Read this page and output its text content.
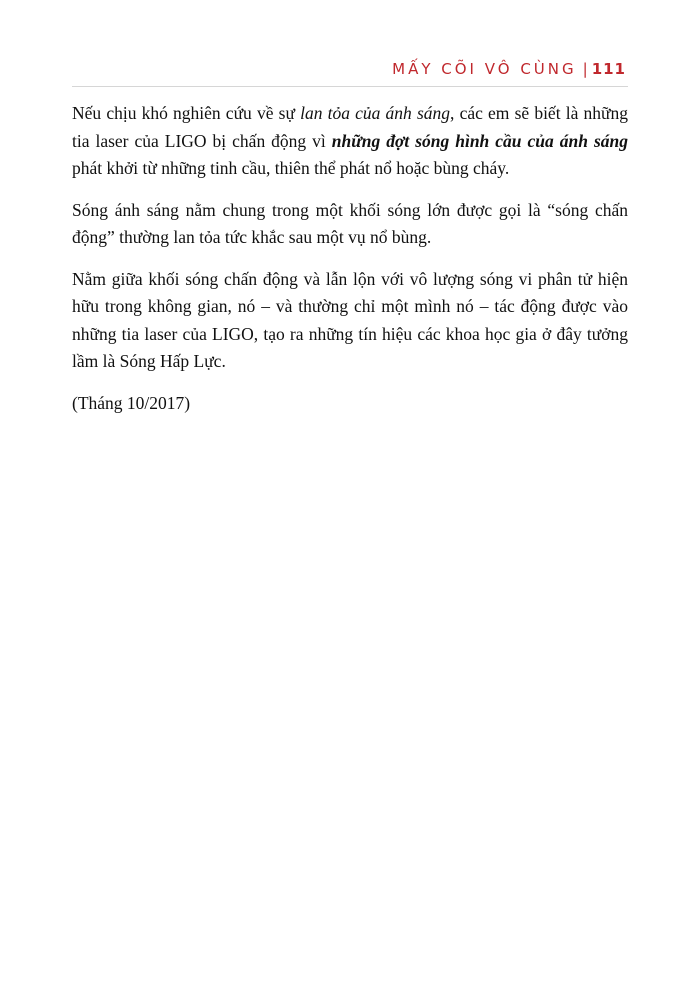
MẤY CÕI VÔ CÙNG | 111

Nếu chịu khó nghiên cứu về sự lan tỏa của ánh sáng, các em sẽ biết là những tia laser của LIGO bị chấn động vì những đợt sóng hình cầu của ánh sáng phát khởi từ những tinh cầu, thiên thể phát nổ hoặc bùng cháy.

Sóng ánh sáng nằm chung trong một khối sóng lớn được gọi là “sóng chấn động” thường lan tỏa tức khắc sau một vụ nổ bùng.

Nằm giữa khối sóng chấn động và lẫn lộn với vô lượng sóng vi phân tử hiện hữu trong không gian, nó – và thường chỉ một mình nó – tác động được vào những tia laser của LIGO, tạo ra những tín hiệu các khoa học gia ở đây tưởng lầm là Sóng Hấp Lực.

(Tháng 10/2017)
